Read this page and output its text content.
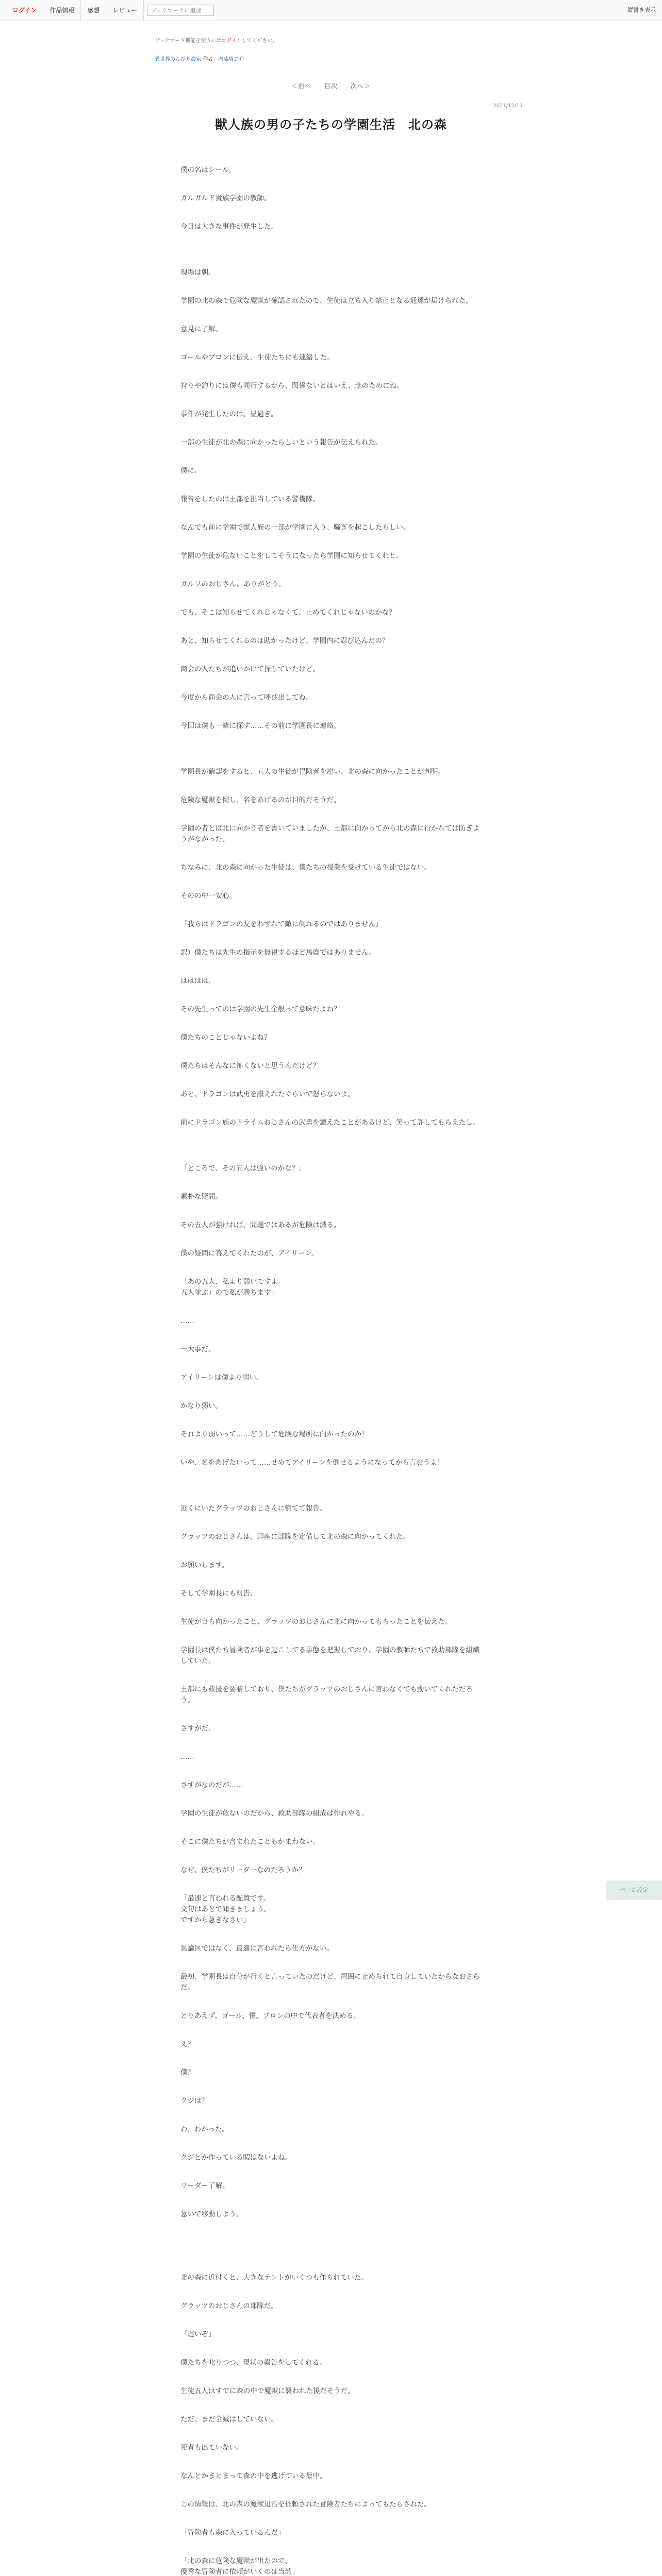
ログイン	作品情報	感想	レビュー	ブックマークに追加	縦書き表示
ブックマーク機能を使うにはログインしてください。
異世界のんびり農家 作者：内藤騎之介
＜前へ 目次 次へ＞
2021/12/11
獣人族の男の子たちの学園生活　北の森

僕の名はシール。

ガルガルド貴族学園の教師。

今日は大きな事件が発生した。

現場は朝。

学園の北の森で危険な魔獣が確認されたので、生徒は立ち入り禁止となる通達が届けられた。

意見に了解。

ゴールやブロンに伝え、生徒たちにも連絡した。

狩りや釣りには僕も同行するから、関係ないとはいえ、念のためにね。

事件が発生したのは、昼過ぎ。

一部の生徒が北の森に向かったらしいという報告が伝えられた。

僕に。

報告をしたのは王都を担当している警備隊。

なんでも前に学園で獣人族の一部が学園に入り、騒ぎを起こしたらしい。

学園の生徒が危ないことをしてそうになったら学園に知らせてくれと。

ガルフのおじさん、ありがとう。

でも、そこは知らせてくれじゃなくて、止めてくれじゃないのかな？

あと、知らせてくれるのは助かったけど、学園内に忍び込んだの？

商会の人たちが追いかけて探していたけど。

今度から商会の人に言って呼び出してね。

今回は僕も一緒に探す……その前に学園長に連絡。

学園長が確認をすると、五人の生徒が冒険者を雇い、北の森に向かったことが判明。

危険な魔獣を倒し、名をあげるのが目的だそうだ。

学園の者とは北に向かう者を書いていましたが、王都に向かってから北の森に行かれては防ぎようがなかった。

ちなみに、北の森に向かった生徒は、僕たちの授業を受けている生徒ではない。

そのの中一安心。

「我らはドラゴンの友をわずれて敵に倒れるのではありません」

訳）僕たちは先生の指示を無視するほど馬鹿ではありません。

はははは。

その先生ってのは学園の先生全般って意味だよね？

僕たちのことじゃないよね？

僕たちはそんなに怖くないと思うんだけど？

あと、ドラゴンは武勇を讃えれたぐらいで怒らないよ。

前にドラゴン族のドライムおじさんの武勇を讃えたことがあるけど、笑って許してもらえたし。

「ところで、その五人は強いのかな？」

素朴な疑問。

その五人が強ければ、問題ではあるが危険は減る。

僕の疑問に答えてくれたのが、アイリーン。

「あの五人、私より弱いですよ。
五人並ぶ」ので私が勝ちます」

……

一大事だ。

アイリーンは僕より弱い。

かなり弱い。

それより弱いって……どうして危険な場所に向かったのか！

いや、名をあげたいって……せめてアイリーンを倒せるようになってから言おうよ！

近くにいたグラッツのおじさんに慌てて報告。

グラッツのおじさんは、即座に部隊を定備して北の森に向かってくれた。

お願いします。

そして学園長にも報告。

生徒が自ら向かったこと、グラッツのおじさんに北に向かってもらったことを伝えた。

学園長は僕たち冒険者が事を起こしてる事態を把握しており、学園の教師たちで救助部隊を組織していた。

王都にも救援を要請しており、僕たちがグラッツのおじさんに言わなくても動いてくれただろう。

さすがだ。

……

さすがなのだが……

学園の生徒が危ないのだから、救助部隊の組成は作れやる。

そこに僕たちが含まれたこともかまわない。

なぜ、僕たちがリーダーなのだろうか？

「最速と言われる配置です。
文句はあとで聞きましょう。
ですから急ぎなさい」

異論区ではなく、最適に言われたら仕方がない。

最初、学園長は自分が行くと言っていたのだけど、周囲に止められて自身していたからなおさらだ。

とりあえず、ゴール、僕、ブロンの中で代表者を決める。

え？

僕？

クジは？

わ、わかった。

クジとか作っている暇はないよね。

リーダー了解。

急いで移動しよう。

北の森に近付くと、大きなテントがいくつも作られていた。

グラッツのおじさんの部隊だ。

「遅いぞ」

僕たちを叱りつつ、現状の報告をしてくれる。

生徒五人はすでに森の中で魔獣に襲われた後だそうだ。

ただ、まだ全滅はしていない。

死者も出ていない。

なんとかまとまって森の中を逃げている最中。

この情報は、北の森の魔獣退治を依頼された冒険者たちによってもたらされた。

「冒険者も森に入っているんだ」

「北の森に危険な魔獣が出たので、
優秀な冒険者に依頼がいくのは当然」

ページ設定
